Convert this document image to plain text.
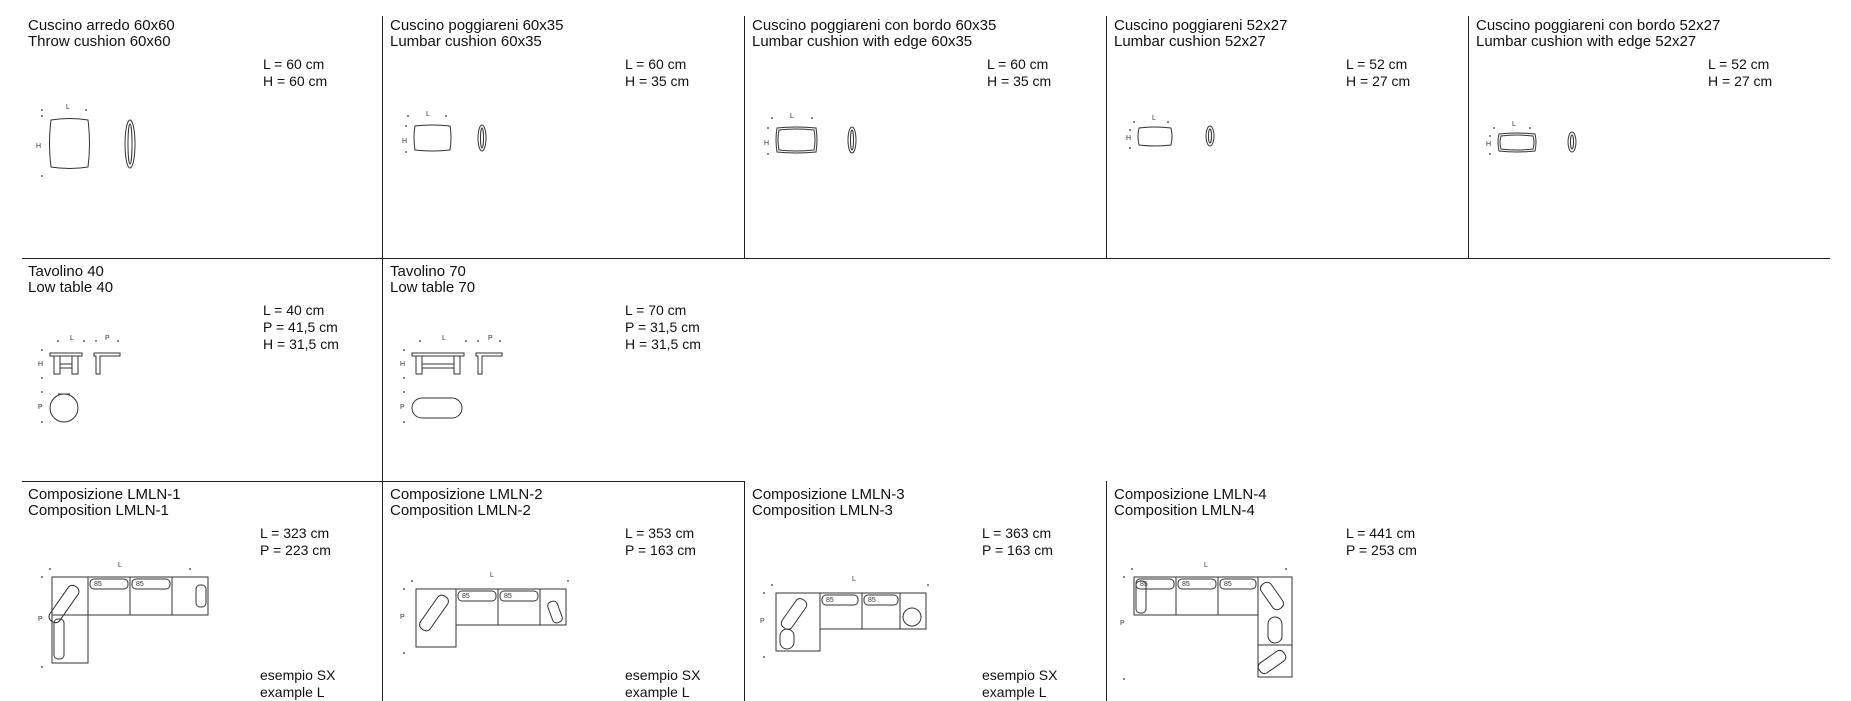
Cuscino arredo 60x60
Throw cushion 60x60
L = 60 cm
H = 60 cm
L
H
Cuscino poggiareni 60x35
Lumbar cushion 60x35
L = 60 cm
H = 35 cm
L
H
Cuscino poggiareni con bordo 60x35
Lumbar cushion with edge 60x35
L = 60 cm
H = 35 cm
L
H
Cuscino poggiareni 52x27
Lumbar cushion 52x27
L = 52 cm
H = 27 cm
L
H
Cuscino poggiareni con bordo 52x27
Lumbar cushion with edge 52x27
L = 52 cm
H = 27 cm
L
H
Tavolino 40
Low table 40
L = 40 cm
P = 41,5 cm
H = 31,5 cm
L	P
H
P
Tavolino 70
Low table 70
L = 70 cm
P = 31,5 cm
H = 31,5 cm
L	P
H
P
Composizione LMLN-1
Composition LMLN-1
L = 323 cm
P = 223 cm
L
P
85	85
esempio SX
example L
Composizione LMLN-2
Composition LMLN-2
L = 353 cm
P = 163 cm
L
P
85	85
esempio SX
example L
Composizione LMLN-3
Composition LMLN-3
L = 363 cm
P = 163 cm
L
P
85	85
esempio SX
example L
Composizione LMLN-4
Composition LMLN-4
L = 441 cm
P = 253 cm
L
P
85	85	85
